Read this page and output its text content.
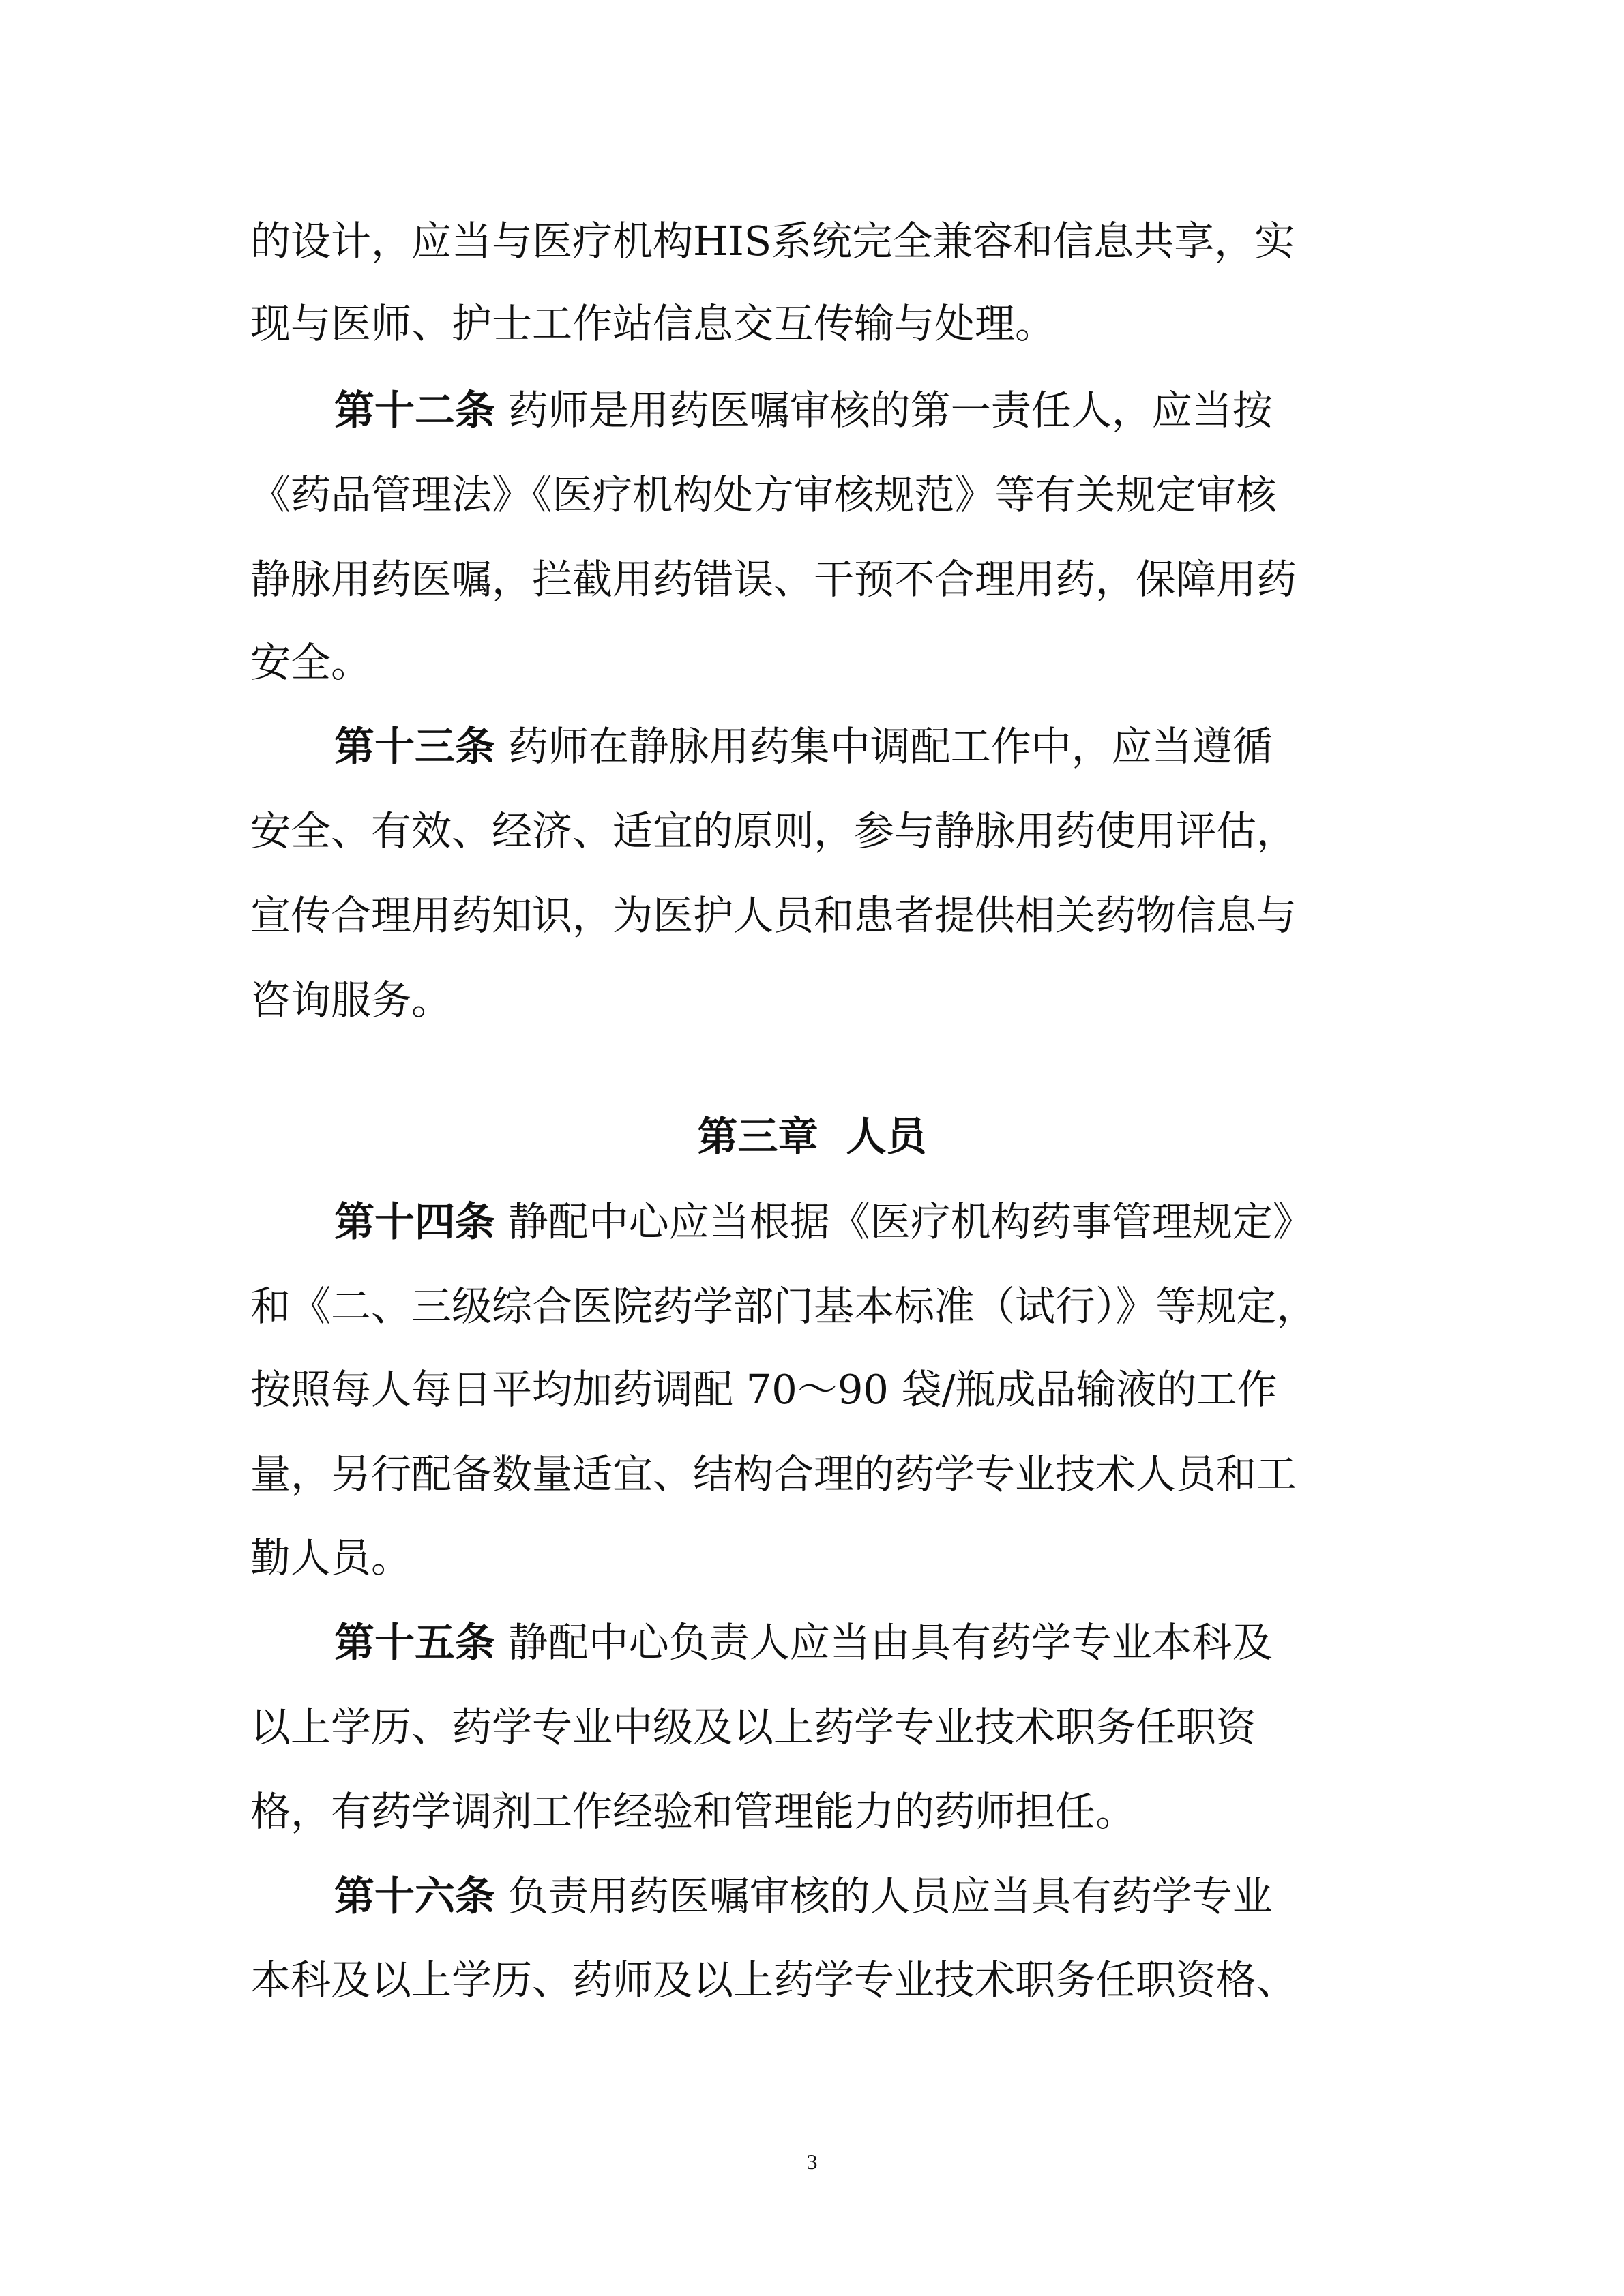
的设计，应当与医疗机构HIS系统完全兼容和信息共享，实
现与医师、护士工作站信息交互传输与处理。
第十二条 药师是用药医嘱审核的第一责任人，应当按
《药品管理法》《医疗机构处方审核规范》等有关规定审核
静脉用药医嘱，拦截用药错误、干预不合理用药，保障用药
安全。
第十三条 药师在静脉用药集中调配工作中，应当遵循
安全、有效、经济、适宜的原则，参与静脉用药使用评估，
宣传合理用药知识，为医护人员和患者提供相关药物信息与
咨询服务。
第三章  人员
第十四条 静配中心应当根据《医疗机构药事管理规定》
和《二、三级综合医院药学部门基本标准（试行）》等规定，
按照每人每日平均加药调配 70～90 袋/瓶成品输液的工作
量，另行配备数量适宜、结构合理的药学专业技术人员和工
勤人员。
第十五条 静配中心负责人应当由具有药学专业本科及
以上学历、药学专业中级及以上药学专业技术职务任职资
格，有药学调剂工作经验和管理能力的药师担任。
第十六条 负责用药医嘱审核的人员应当具有药学专业
本科及以上学历、药师及以上药学专业技术职务任职资格、
3
